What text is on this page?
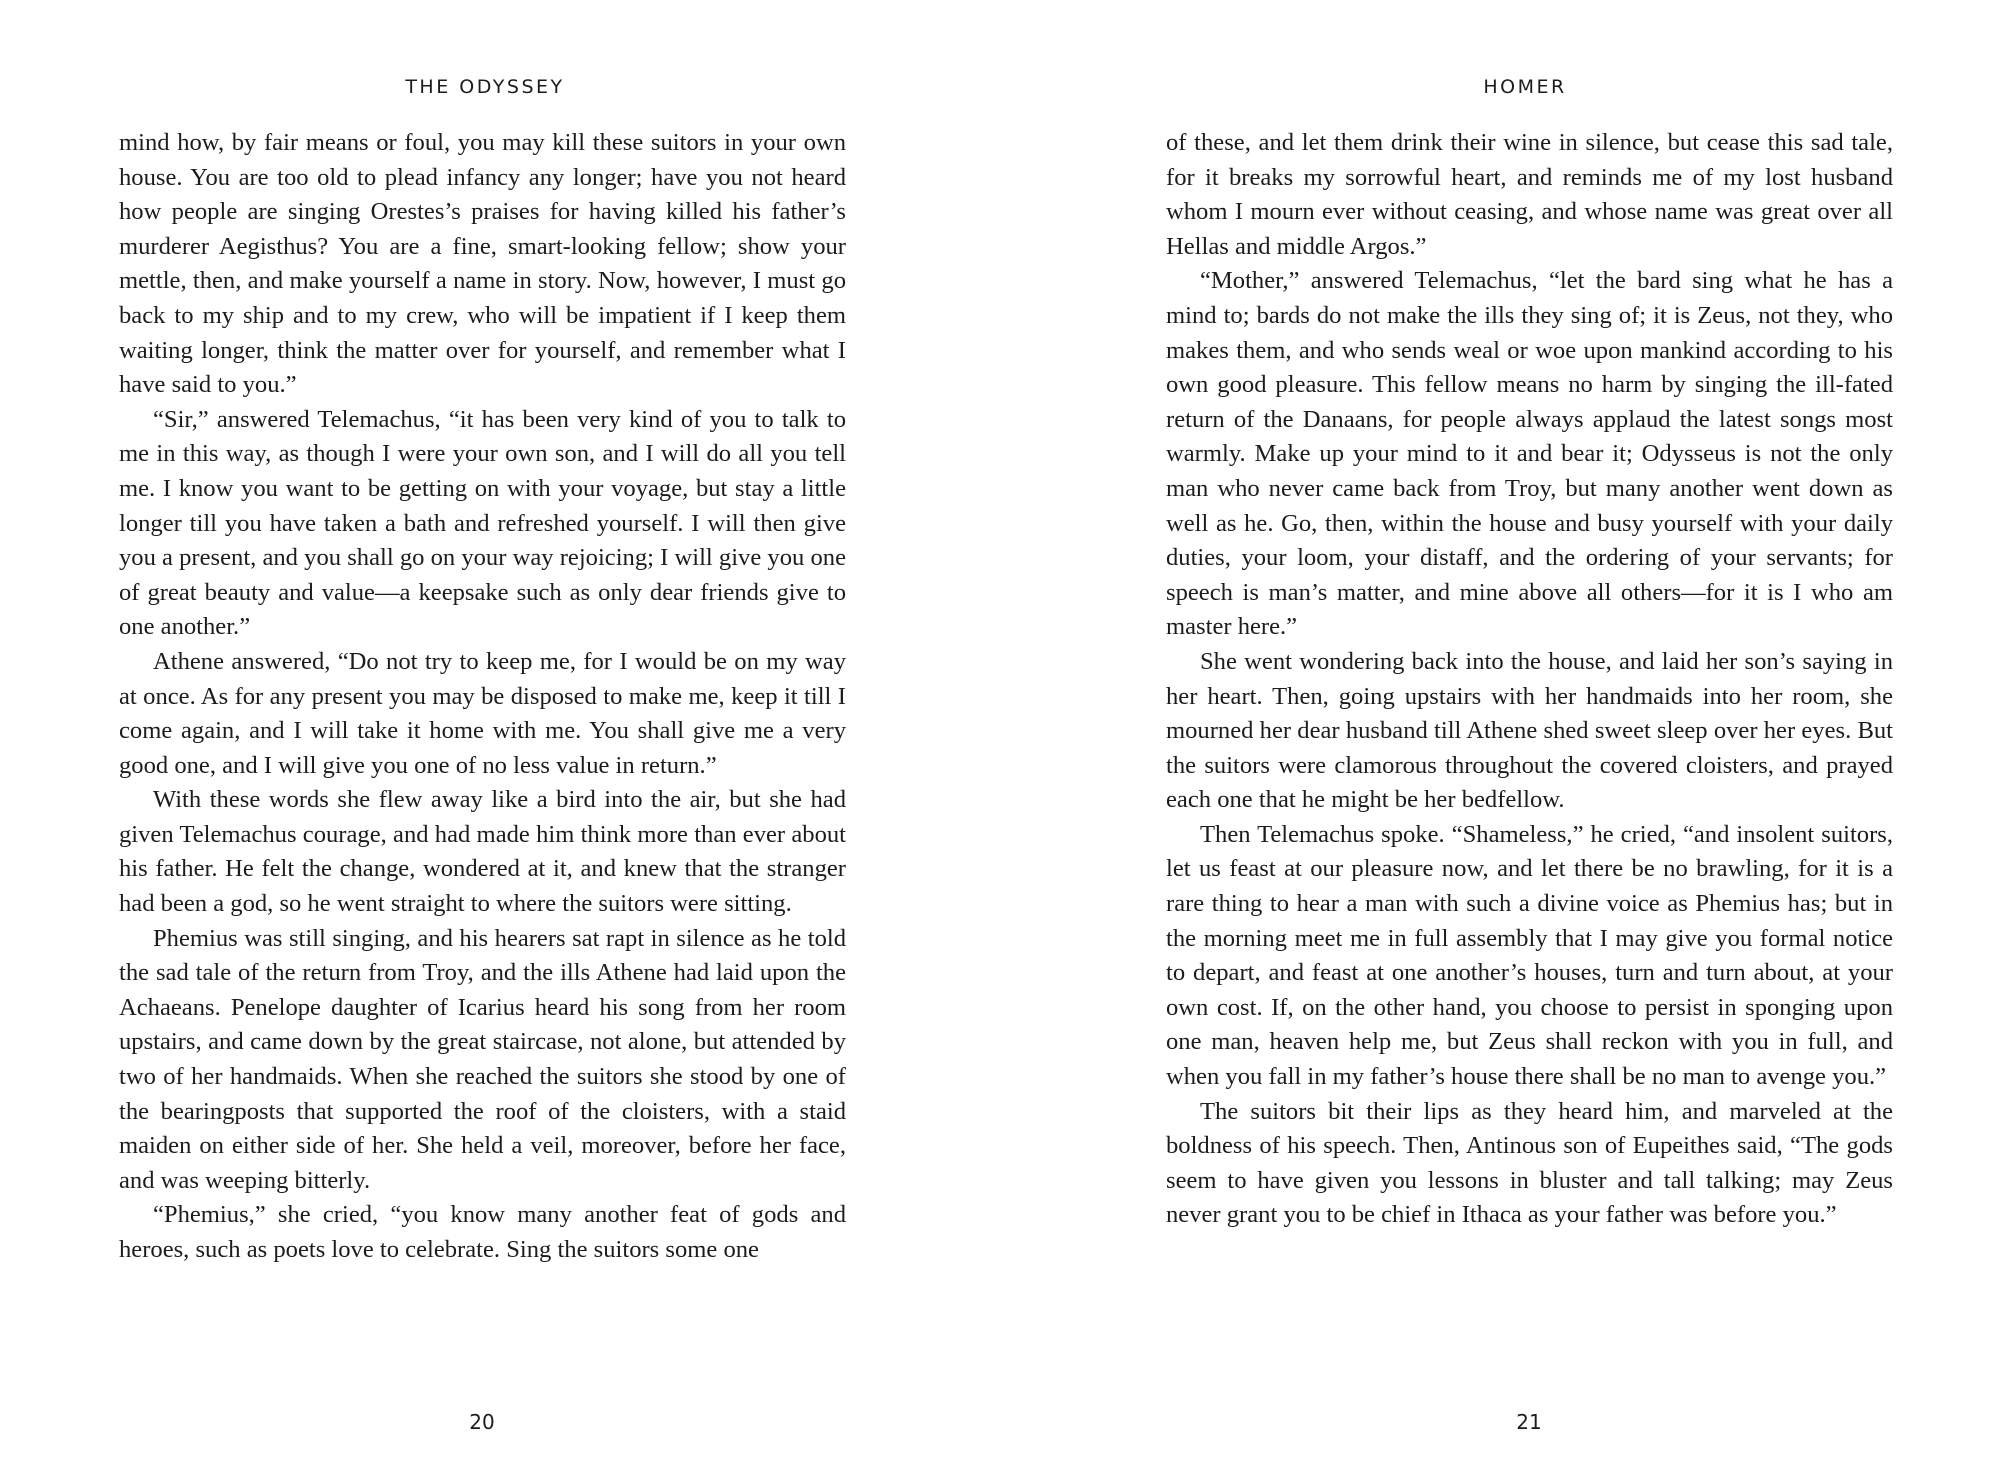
THE ODYSSEY

mind how, by fair means or foul, you may kill these suitors in your own house. You are too old to plead infancy any longer; have you not heard how people are singing Orestes’s praises for having killed his father’s murderer Aegisthus? You are a fine, smart-looking fellow; show your mettle, then, and make yourself a name in story. Now, however, I must go back to my ship and to my crew, who will be impatient if I keep them waiting longer, think the matter over for yourself, and remember what I have said to you.”

“Sir,” answered Telemachus, “it has been very kind of you to talk to me in this way, as though I were your own son, and I will do all you tell me. I know you want to be getting on with your voyage, but stay a little longer till you have taken a bath and refreshed yourself. I will then give you a present, and you shall go on your way rejoicing; I will give you one of great beauty and value—a keepsake such as only dear friends give to one another.”

Athene answered, “Do not try to keep me, for I would be on my way at once. As for any present you may be disposed to make me, keep it till I come again, and I will take it home with me. You shall give me a very good one, and I will give you one of no less value in return.”

With these words she flew away like a bird into the air, but she had given Telemachus courage, and had made him think more than ever about his father. He felt the change, wondered at it, and knew that the stranger had been a god, so he went straight to where the suitors were sitting.

Phemius was still singing, and his hearers sat rapt in silence as he told the sad tale of the return from Troy, and the ills Athene had laid upon the Achaeans. Penelope daughter of Icarius heard his song from her room upstairs, and came down by the great staircase, not alone, but attended by two of her handmaids. When she reached the suitors she stood by one of the bearingposts that supported the roof of the cloisters, with a staid maiden on either side of her. She held a veil, moreover, before her face, and was weeping bitterly.

“Phemius,” she cried, “you know many another feat of gods and heroes, such as poets love to celebrate. Sing the suitors some one

20
HOMER

of these, and let them drink their wine in silence, but cease this sad tale, for it breaks my sorrowful heart, and reminds me of my lost husband whom I mourn ever without ceasing, and whose name was great over all Hellas and middle Argos.”

“Mother,” answered Telemachus, “let the bard sing what he has a mind to; bards do not make the ills they sing of; it is Zeus, not they, who makes them, and who sends weal or woe upon mankind according to his own good pleasure. This fellow means no harm by singing the ill-fated return of the Danaans, for people always applaud the latest songs most warmly. Make up your mind to it and bear it; Odysseus is not the only man who never came back from Troy, but many another went down as well as he. Go, then, within the house and busy yourself with your daily duties, your loom, your distaff, and the ordering of your servants; for speech is man’s matter, and mine above all others—for it is I who am master here.”

She went wondering back into the house, and laid her son’s saying in her heart. Then, going upstairs with her handmaids into her room, she mourned her dear husband till Athene shed sweet sleep over her eyes. But the suitors were clamorous throughout the covered cloisters, and prayed each one that he might be her bedfellow.

Then Telemachus spoke. “Shameless,” he cried, “and insolent suitors, let us feast at our pleasure now, and let there be no brawling, for it is a rare thing to hear a man with such a divine voice as Phemius has; but in the morning meet me in full assembly that I may give you formal notice to depart, and feast at one another’s houses, turn and turn about, at your own cost. If, on the other hand, you choose to persist in sponging upon one man, heaven help me, but Zeus shall reckon with you in full, and when you fall in my father’s house there shall be no man to avenge you.”

The suitors bit their lips as they heard him, and marveled at the boldness of his speech. Then, Antinous son of Eupeithes said, “The gods seem to have given you lessons in bluster and tall talking; may Zeus never grant you to be chief in Ithaca as your father was before you.”

21
